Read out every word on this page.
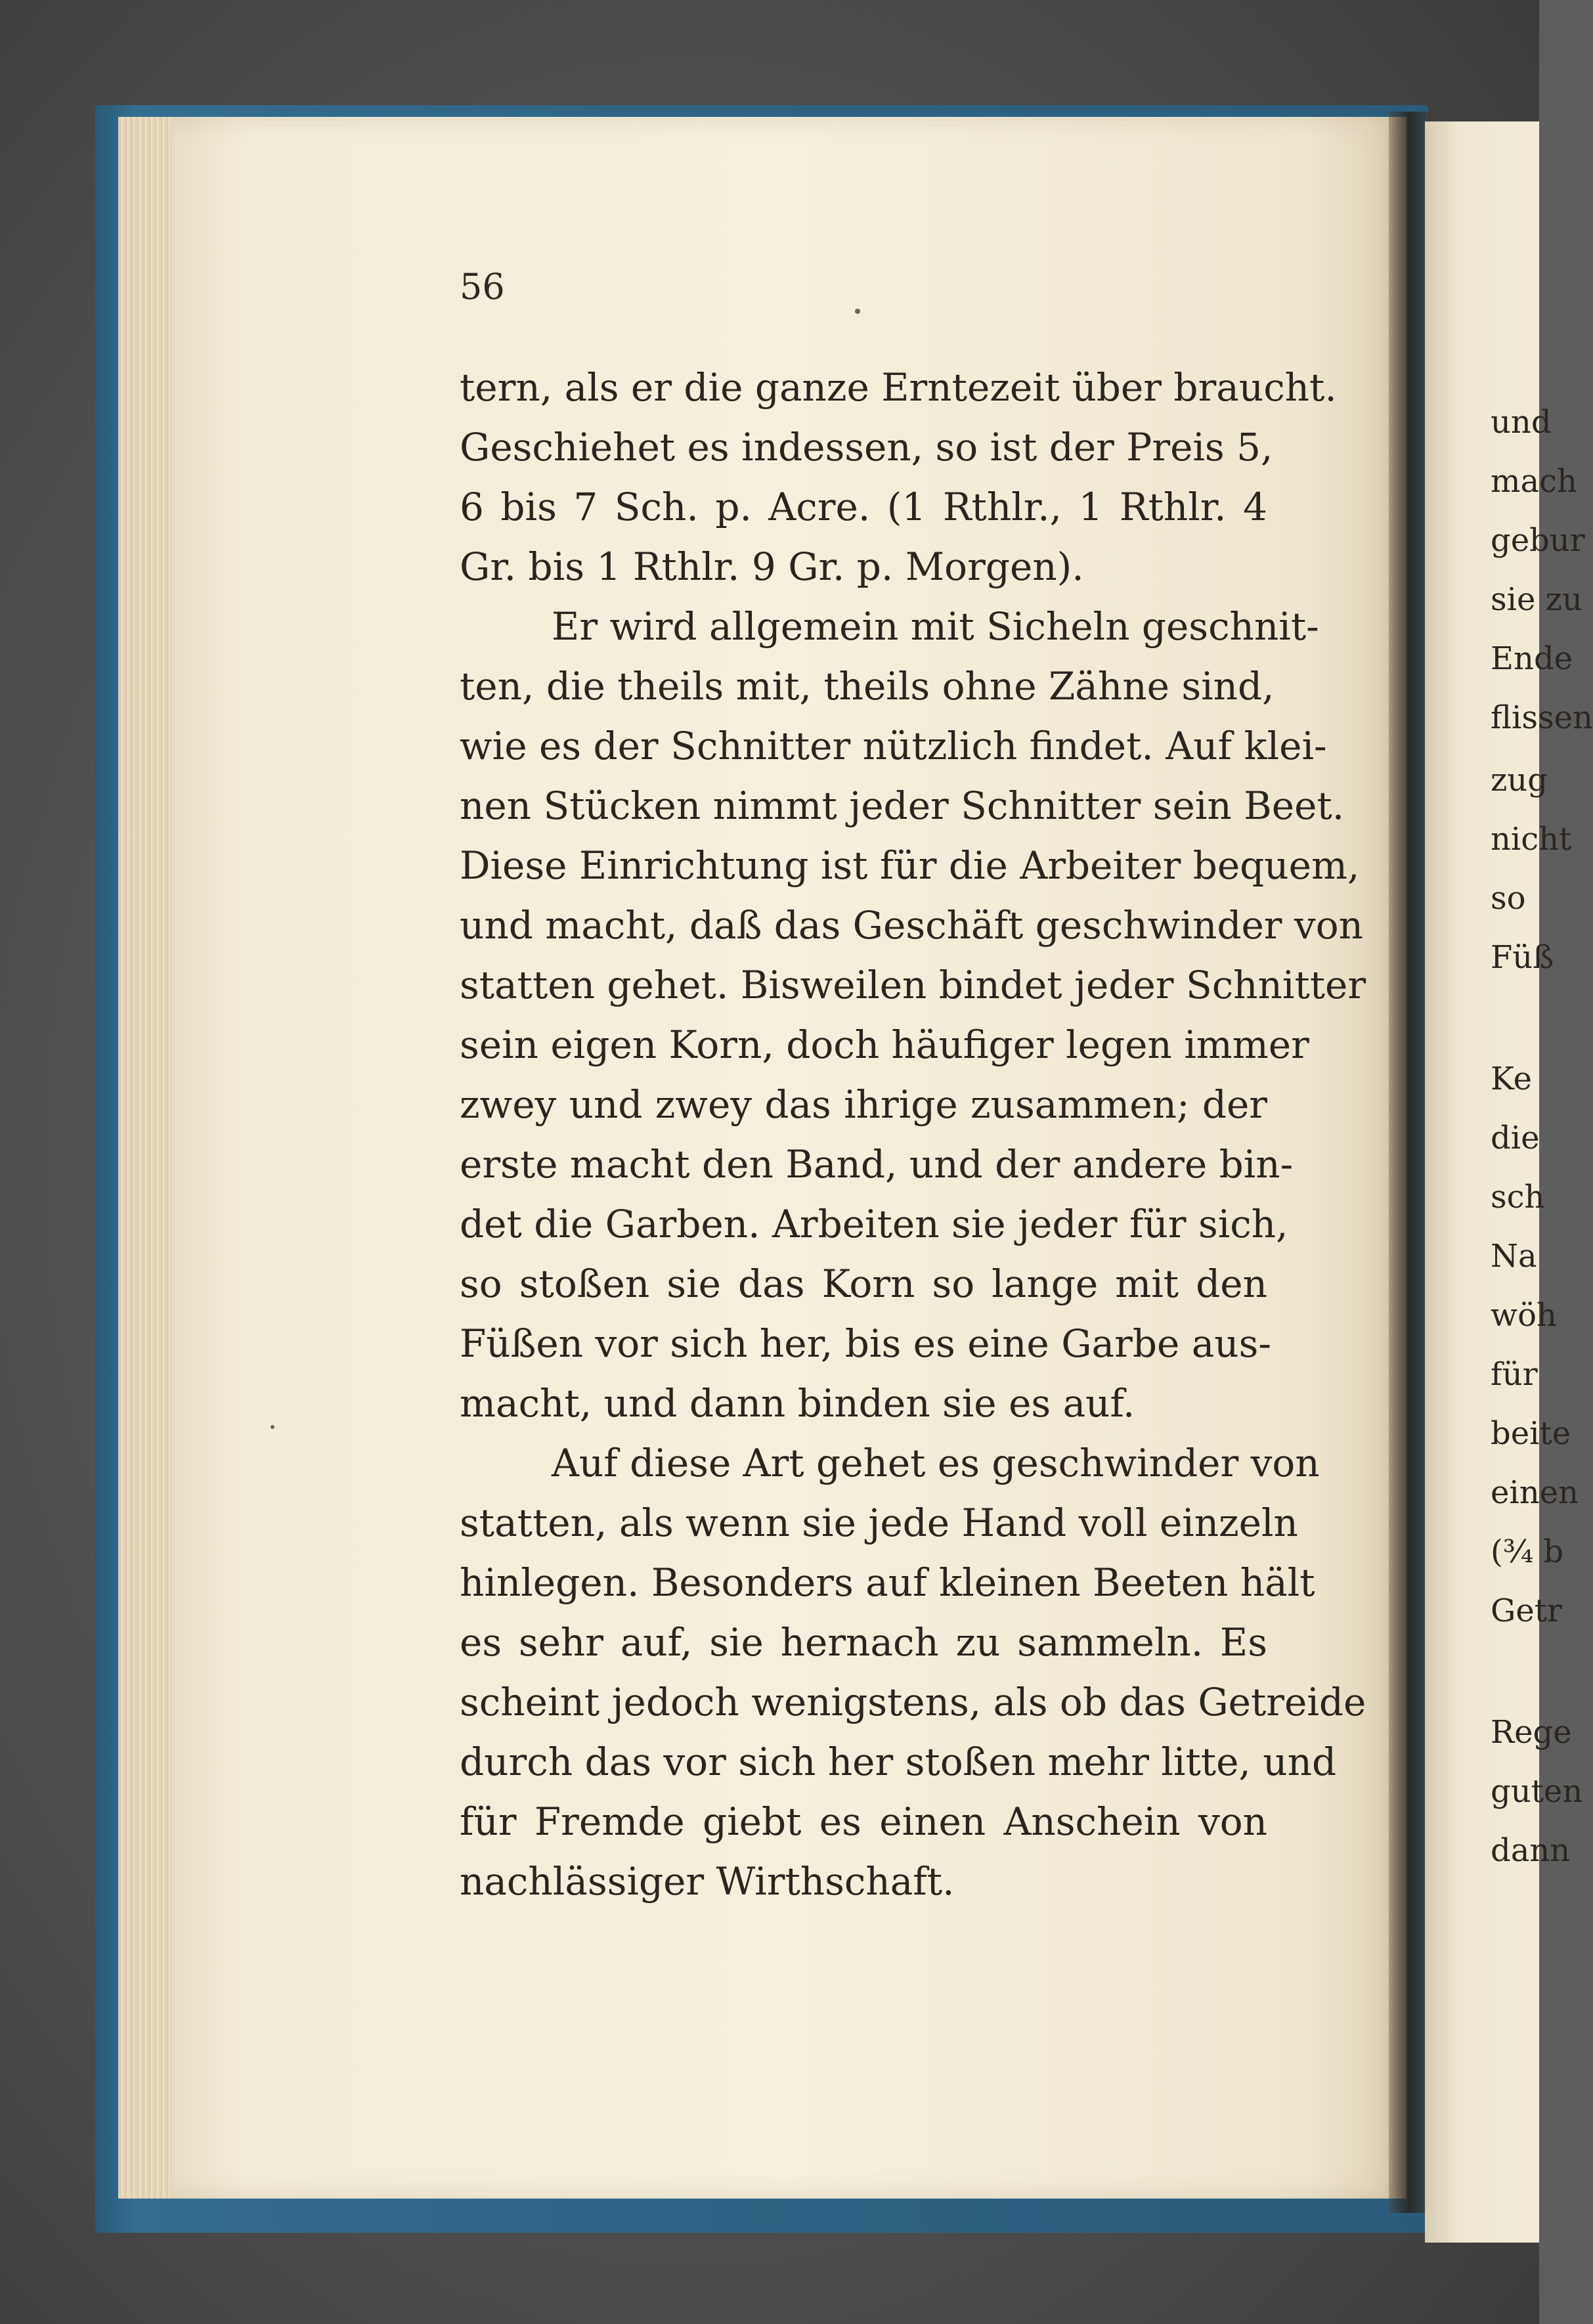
56
tern, als er die ganze Erntezeit über braucht.
Geschiehet es indessen, so ist der Preis 5,
6 bis 7 Sch. p. Acre. (1 Rthlr., 1 Rthlr. 4
Gr. bis 1 Rthlr. 9 Gr. p. Morgen).
Er wird allgemein mit Sicheln geschnit-
ten, die theils mit, theils ohne Zähne sind,
wie es der Schnitter nützlich findet. Auf klei-
nen Stücken nimmt jeder Schnitter sein Beet.
Diese Einrichtung ist für die Arbeiter bequem,
und macht, daß das Geschäft geschwinder von
statten gehet. Bisweilen bindet jeder Schnitter
sein eigen Korn, doch häufiger legen immer
zwey und zwey das ihrige zusammen; der
erste macht den Band, und der andere bin-
det die Garben. Arbeiten sie jeder für sich,
so stoßen sie das Korn so lange mit den
Füßen vor sich her, bis es eine Garbe aus-
macht, und dann binden sie es auf.
Auf diese Art gehet es geschwinder von
statten, als wenn sie jede Hand voll einzeln
hinlegen. Besonders auf kleinen Beeten hält
es sehr auf, sie hernach zu sammeln. Es
scheint jedoch wenigstens, als ob das Getreide
durch das vor sich her stoßen mehr litte, und
für Fremde giebt es einen Anschein von
nachlässiger Wirthschaft.
und
mach
gebur
sie zu
Ende
flissen
zug
nicht
so
Füß
Ke
die
sch
Na
wöh
für
beite
einen
(¾ b
Getr
Rege
guten
dann
